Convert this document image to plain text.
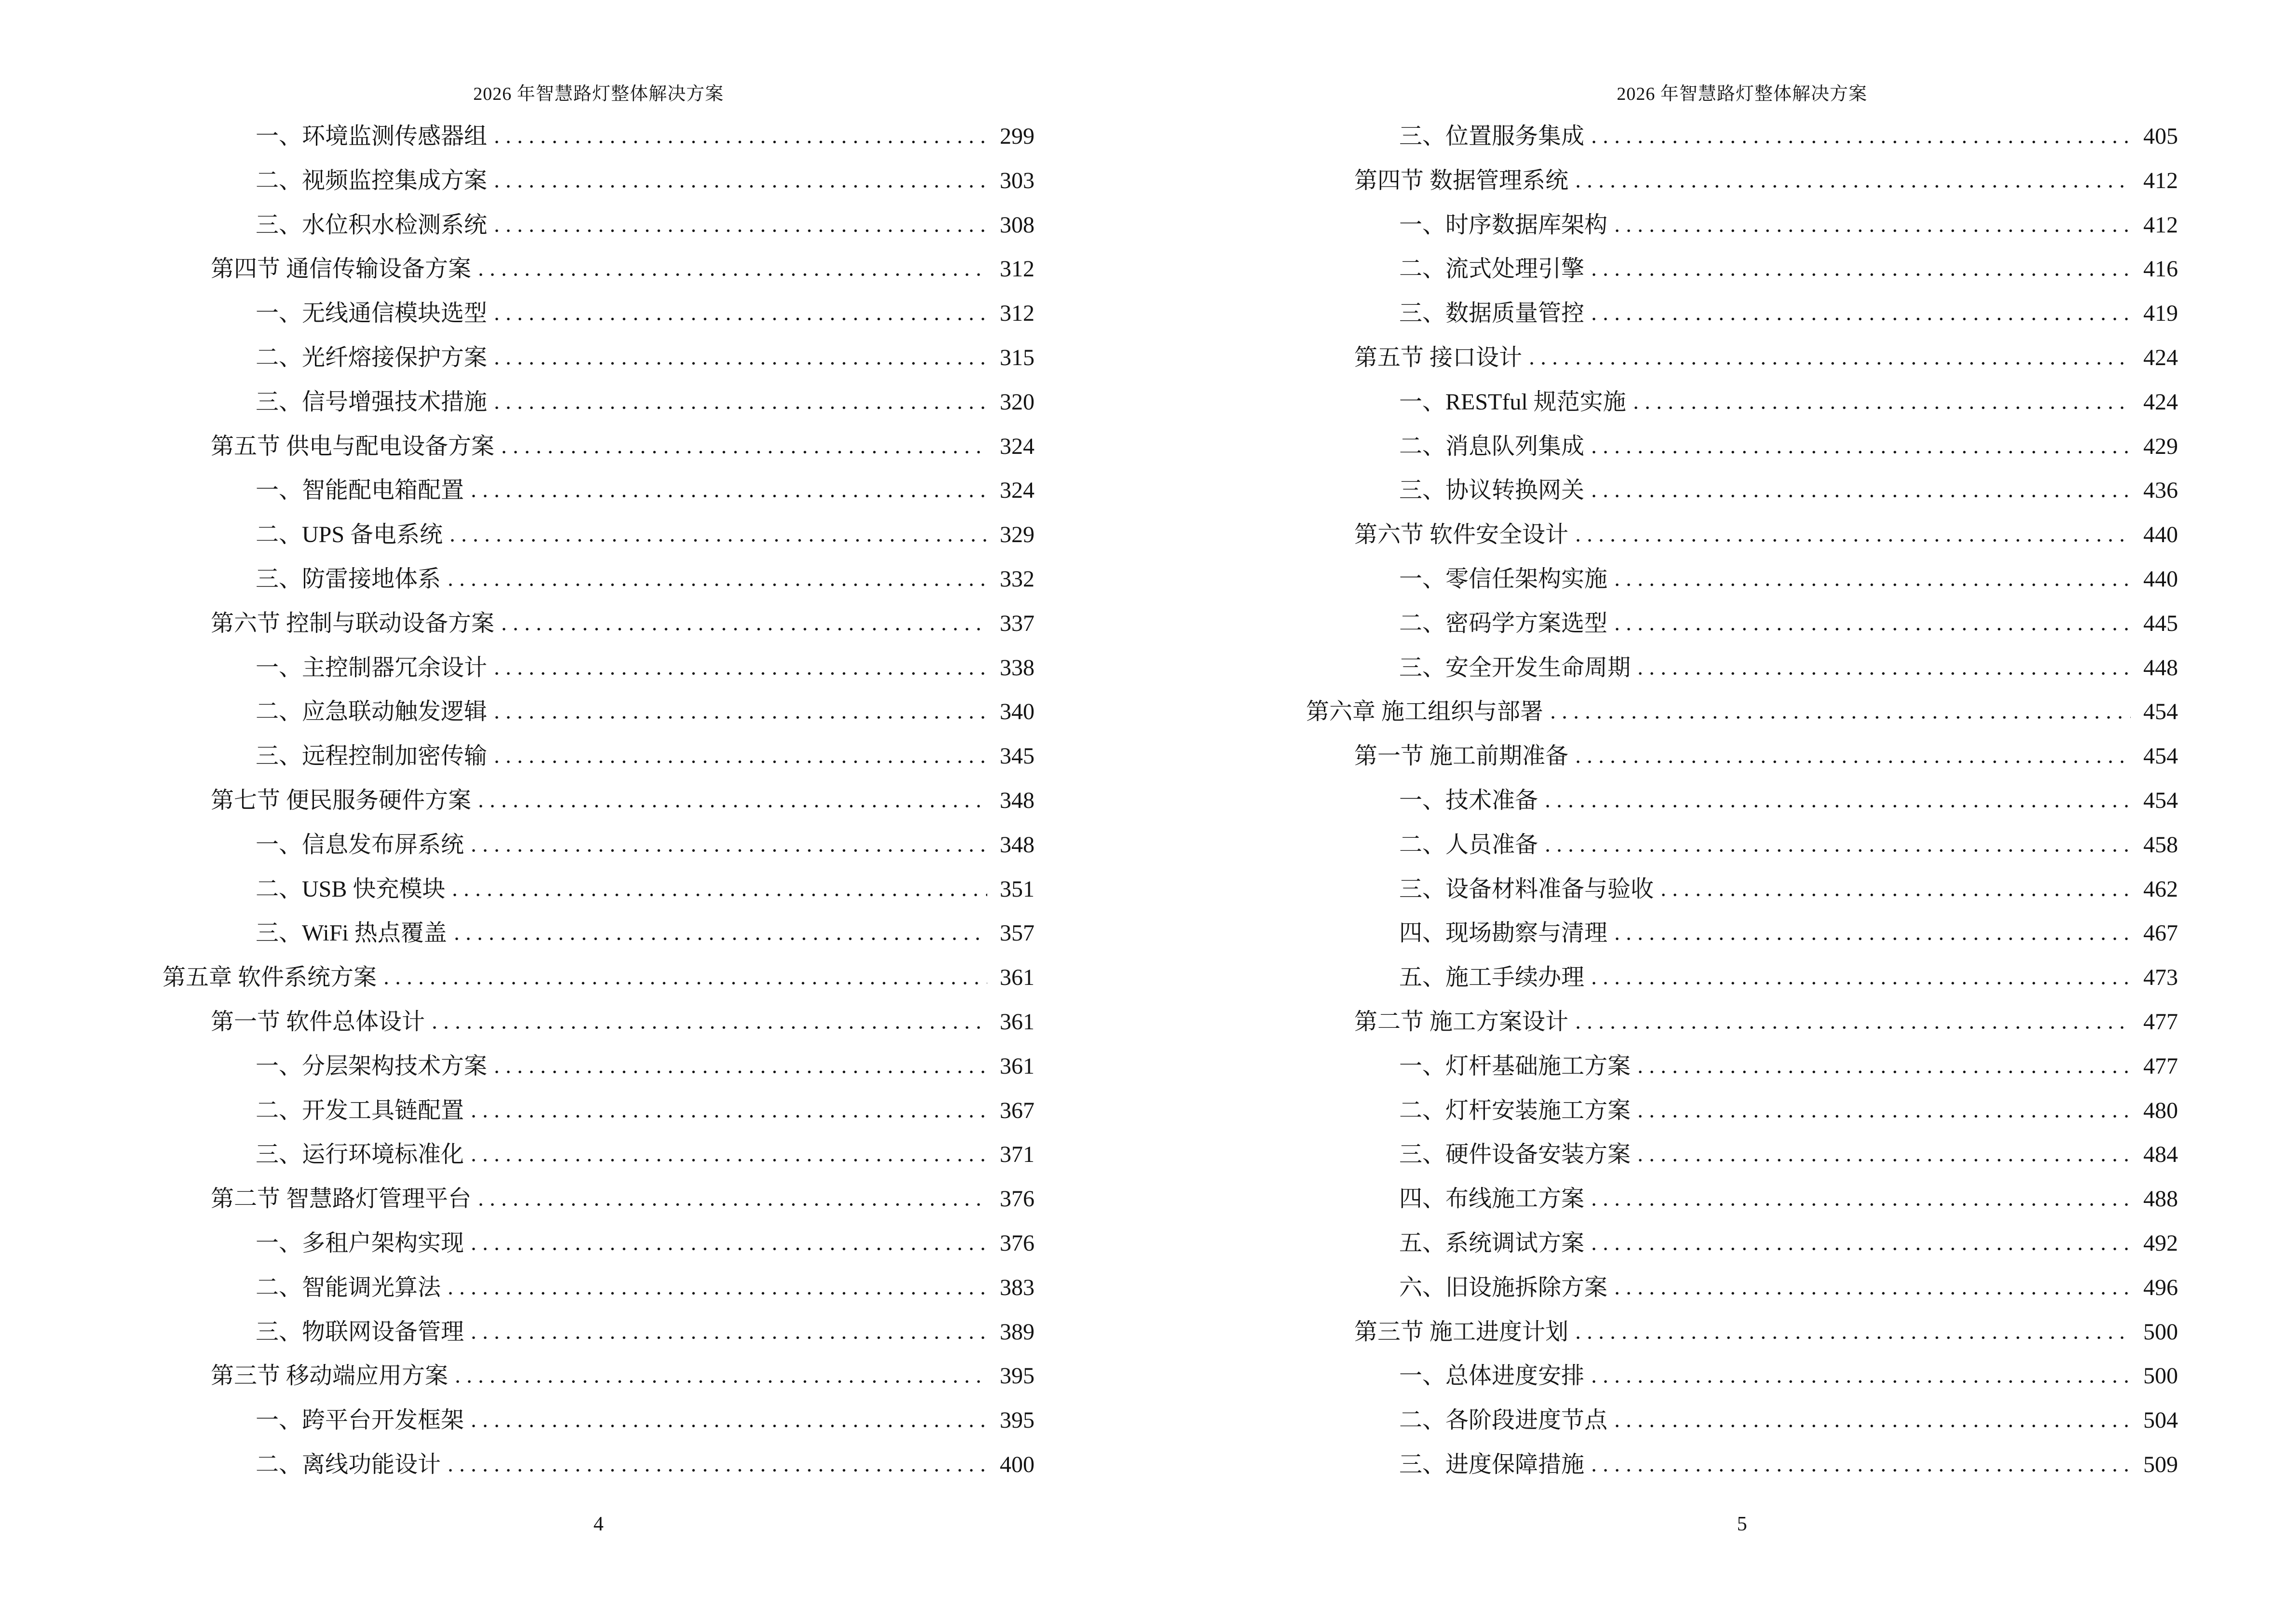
2026 年智慧路灯整体解决方案
一、环境监测传感器组	299
二、视频监控集成方案	303
三、水位积水检测系统	308
第四节 通信传输设备方案	312
一、无线通信模块选型	312
二、光纤熔接保护方案	315
三、信号增强技术措施	320
第五节 供电与配电设备方案	324
一、智能配电箱配置	324
二、UPS 备电系统	329
三、防雷接地体系	332
第六节 控制与联动设备方案	337
一、主控制器冗余设计	338
二、应急联动触发逻辑	340
三、远程控制加密传输	345
第七节 便民服务硬件方案	348
一、信息发布屏系统	348
二、USB 快充模块	351
三、WiFi 热点覆盖	357
第五章 软件系统方案	361
第一节 软件总体设计	361
一、分层架构技术方案	361
二、开发工具链配置	367
三、运行环境标准化	371
第二节 智慧路灯管理平台	376
一、多租户架构实现	376
二、智能调光算法	383
三、物联网设备管理	389
第三节 移动端应用方案	395
一、跨平台开发框架	395
二、离线功能设计	400
4
2026 年智慧路灯整体解决方案
三、位置服务集成	405
第四节 数据管理系统	412
一、时序数据库架构	412
二、流式处理引擎	416
三、数据质量管控	419
第五节 接口设计	424
一、RESTful 规范实施	424
二、消息队列集成	429
三、协议转换网关	436
第六节 软件安全设计	440
一、零信任架构实施	440
二、密码学方案选型	445
三、安全开发生命周期	448
第六章 施工组织与部署	454
第一节 施工前期准备	454
一、技术准备	454
二、人员准备	458
三、设备材料准备与验收	462
四、现场勘察与清理	467
五、施工手续办理	473
第二节 施工方案设计	477
一、灯杆基础施工方案	477
二、灯杆安装施工方案	480
三、硬件设备安装方案	484
四、布线施工方案	488
五、系统调试方案	492
六、旧设施拆除方案	496
第三节 施工进度计划	500
一、总体进度安排	500
二、各阶段进度节点	504
三、进度保障措施	509
5
